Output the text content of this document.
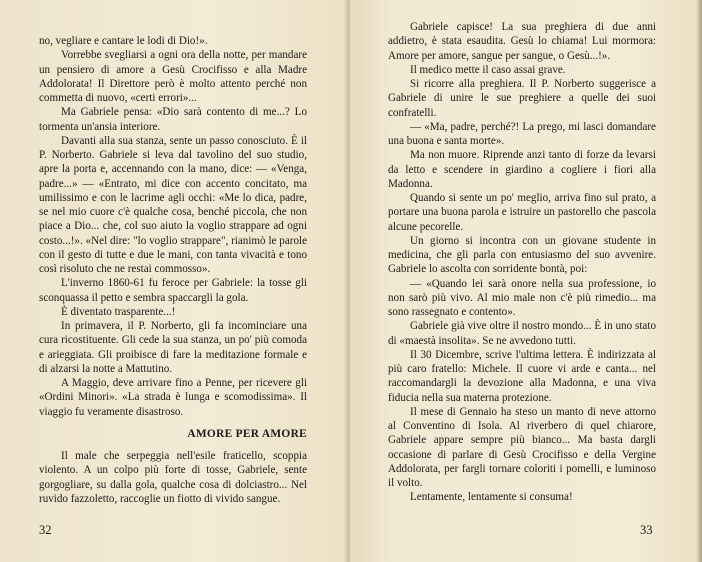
no, vegliare e cantare le lodi di Dio!».

Vorrebbe svegliarsi a ogni ora della notte, per mandare un pensiero di amore a Gesù Crocifisso e alla Madre Addolorata! Il Direttore però è molto attento perché non commetta di nuovo, «certi errori»...

Ma Gabriele pensa: «Dio sarà contento di me...? Lo tormenta un'ansia interiore.

Davanti alla sua stanza, sente un passo conosciuto. È il P. Norberto. Gabriele si leva dal tavolino del suo studio, apre la porta e, accennando con la mano, dice: — «Venga, padre...» — «Entrato, mi dice con accento concitato, ma umilissimo e con le lacrime agli occhi: «Me lo dica, padre, se nel mio cuore c'è qualche cosa, benché piccola, che non piace a Dio... che, col suo aiuto la voglio strappare ad ogni costo...!». «Nel dire: "lo voglio strappare", rianimò le parole con il gesto di tutte e due le mani, con tanta vivacità e tono così risoluto che ne restai commosso».

L'inverno 1860-61 fu feroce per Gabriele: la tosse gli sconquassa il petto e sembra spaccargli la gola.

È diventato trasparente...!

In primavera, il P. Norberto, gli fa incominciare una cura ricostituente. Gli cede la sua stanza, un po' più comoda e arieggiata. Gli proibisce di fare la meditazione formale e di alzarsi la notte a Mattutino.

A Maggio, deve arrivare fino a Penne, per ricevere gli «Ordini Minori». «La strada è lunga e scomodissima». Il viaggio fu veramente disastroso.

AMORE PER AMORE

Il male che serpeggia nell'esile fraticello, scoppia violento. A un colpo più forte di tosse, Gabriele, sente gorgogliare, su dalla gola, qualche cosa di dolciastro... Nel ruvido fazzoletto, raccoglie un fiotto di vivido sangue.

32

Gabriele capisce! La sua preghiera di due anni addietro, è stata esaudita. Gesù lo chiama! Lui mormora: Amore per amore, sangue per sangue, o Gesù...!».

Il medico mette il caso assai grave.

Si ricorre alla preghiera. Il P. Norberto suggerisce a Gabriele di unire le sue preghiere a quelle dei suoi confratelli.

— «Ma, padre, perché?! La prego, mi lasci domandare una buona e santa morte».

Ma non muore. Riprende anzi tanto di forze da levarsi da letto e scendere in giardino a cogliere i fiori alla Madonna.

Quando si sente un po' meglio, arriva fino sul prato, a portare una buona parola e istruire un pastorello che pascola alcune pecorelle.

Un giorno si incontra con un giovane studente in medicina, che gli parla con entusiasmo del suo avvenire. Gabriele lo ascolta con sorridente bontà, poi:

— «Quando lei sarà onore nella sua professione, io non sarò più vivo. Al mio male non c'è più rimedio... ma sono rassegnato e contento».

Gabriele già vive oltre il nostro mondo... È in uno stato di «maestà insolita». Se ne avvedono tutti.

Il 30 Dicembre, scrive l'ultima lettera. È indirizzata al più caro fratello: Michele. Il cuore vi arde e canta... nel raccomandargli la devozione alla Madonna, e una viva fiducia nella sua materna protezione.

Il mese di Gennaio ha steso un manto di neve attorno al Conventino di Isola. Al riverbero di quel chiarore, Gabriele appare sempre più bianco... Ma basta dargli occasione di parlare di Gesù Crocifisso e della Vergine Addolorata, per fargli tornare coloriti i pomelli, e luminoso il volto.

Lentamente, lentamente si consuma!

33
